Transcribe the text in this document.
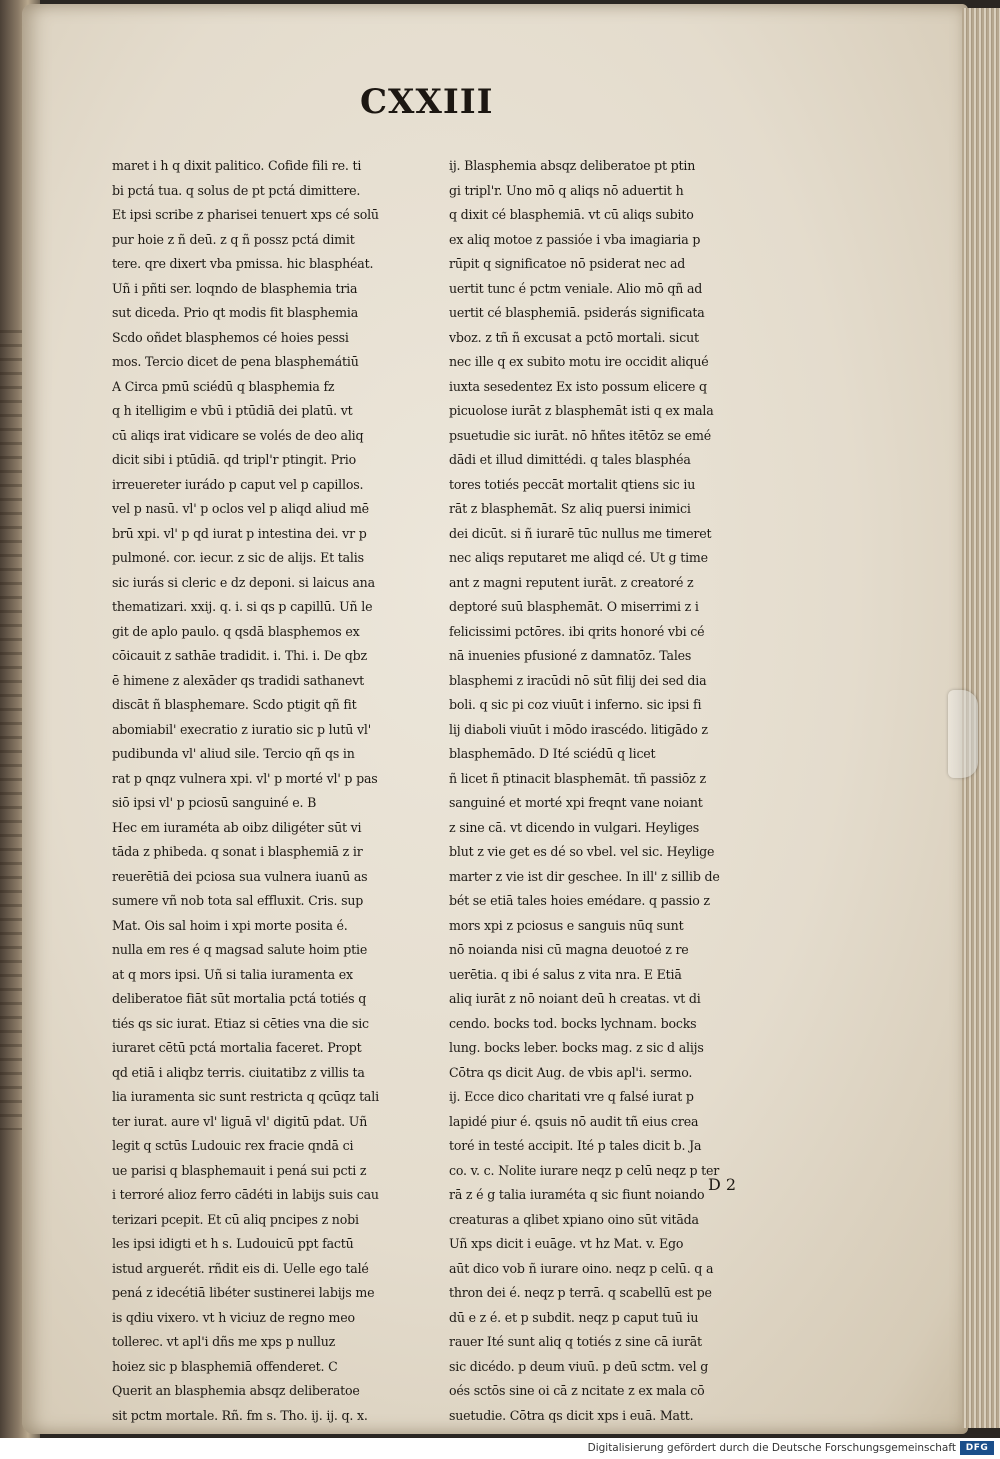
CXXIII
maret i h q dixit palitico. Cofide fili re. ti
bi pctá tua. q solus de pt pctá dimittere.
Et ipsi scribe z pharisei tenuert xps cé solū
pur hoie z ñ deū. z q ñ possz pctá dimit
tere. qre dixert vba pmissa. hic blasphéat.
Uñ i pñti ser. loqndo de blasphemia tria
sut diceda. Prio qt modis fit blasphemia
Scdo oñdet blasphemos cé hoies pessi
mos. Tercio dicet de pena blasphemátiū
A Circa pmū sciédū q blasphemia fz
q h itelligim e vbū i ptūdiā dei platū. vt
cū aliqs irat vidicare se volés de deo aliq
dicit sibi i ptūdiā. qd tripl'r ptingit. Prio
irreuereter iurádo p caput vel p capillos.
vel p nasū. vl' p oclos vel p aliqd aliud mē
brū xpi. vl' p qd iurat p intestina dei. vr p
pulmoné. cor. iecur. z sic de alijs. Et talis
sic iurás si cleric e dz deponi. si laicus ana
thematizari. xxij. q. i. si qs p capillū. Uñ le
git de aplo paulo. q qsdā blasphemos ex
cōicauit z sathāe tradidit. i. Thi. i. De qbz
ē himene z alexāder qs tradidi sathanevt
discāt ñ blasphemare. Scdo ptigit qñ fit
abomiabil' execratio z iuratio sic p lutū vl'
pudibunda vl' aliud sile. Tercio qñ qs in
rat p qnqz vulnera xpi. vl' p morté vl' p pas
siō ipsi vl' p pciosū sanguiné e. B
Hec em iuraméta ab oibz diligéter sūt vi
tāda z phibeda. q sonat i blasphemiā z ir
reuerētiā dei pciosa sua vulnera iuanū as
sumere vñ nob tota sal effluxit. Cris. sup
Mat. Ois sal hoim i xpi morte posita é.
nulla em res é q magsad salute hoim ptie
at q mors ipsi. Uñ si talia iuramenta ex
deliberatoe fiāt sūt mortalia pctá totiés q
tiés qs sic iurat. Etiaz si cēties vna die sic
iuraret cētū pctá mortalia faceret. Propt
qd etiā i aliqbz terris. ciuitatibz z villis ta
lia iuramenta sic sunt restricta q qcūqz tali
ter iurat. aure vl' liguā vl' digitū pdat. Uñ
legit q sctūs Ludouic rex fracie qndā ci
ue parisi q blasphemauit i pená sui pcti z
i terroré alioz ferro cādéti in labijs suis cau
terizari pcepit. Et cū aliq pncipes z nobi
les ipsi idigti et h s. Ludouicū ppt factū
istud arguerét. rñdit eis di. Uelle ego talé
pená z idecétiā libéter sustinerei labijs me
is qdiu vixero. vt h viciuz de regno meo
tollerec. vt apl'i dñs me xps p nulluz
hoiez sic p blasphemiā offenderet. C
Querit an blasphemia absqz deliberatoe
sit pctm mortale. Rñ. fm s. Tho. ij. ij. q. x.
ij. Blasphemia absqz deliberatoe pt ptin
gi tripl'r. Uno mō q aliqs nō aduertit h
q dixit cé blasphemiā. vt cū aliqs subito
ex aliq motoe z passióe i vba imagiaria p
rūpit q significatoe nō psiderat nec ad
uertit tunc é pctm veniale. Alio mō qñ ad
uertit cé blasphemiā. psiderás significata
vboz. z tñ ñ excusat a pctō mortali. sicut
nec ille q ex subito motu ire occidit aliqué
iuxta sesedentez Ex isto possum elicere q
picuolose iurāt z blasphemāt isti q ex mala
psuetudie sic iurāt. nō hñtes itētōz se emé
dādi et illud dimittédi. q tales blasphéa
tores totiés peccāt mortalit qtiens sic iu
rāt z blasphemāt. Sz aliq puersi inimici
dei dicūt. si ñ iurarē tūc nullus me timeret
nec aliqs reputaret me aliqd cé. Ut g time
ant z magni reputent iurāt. z creatoré z
deptoré suū blasphemāt. O miserrimi z i
felicissimi pctōres. ibi qrits honoré vbi cé
nā inuenies pfusioné z damnatōz. Tales
blasphemi z iracūdi nō sūt filij dei sed dia
boli. q sic pi coz viuūt i inferno. sic ipsi fi
lij diaboli viuūt i mōdo irascédo. litigādo z
blasphemādo. D Ité sciédū q licet
ñ licet ñ ptinacit blasphemāt. tñ passiōz z
sanguiné et morté xpi freqnt vane noiant
z sine cā. vt dicendo in vulgari. Heyliges
blut z vie get es dé so vbel. vel sic. Heylige
marter z vie ist dir geschee. In ill' z sillib de
bét se etiā tales hoies emédare. q passio z
mors xpi z pciosus e sanguis nūq sunt
nō noianda nisi cū magna deuotoé z re
uerētia. q ibi é salus z vita nra. E Etiā
aliq iurāt z nō noiant deū h creatas. vt di
cendo. bocks tod. bocks lychnam. bocks
lung. bocks leber. bocks mag. z sic d alijs
Cōtra qs dicit Aug. de vbis apl'i. sermo.
ij. Ecce dico charitati vre q falsé iurat p
lapidé piur é. qsuis nō audit tñ eius crea
toré in testé accipit. Ité p tales dicit b. Ja
co. v. c. Nolite iurare neqz p celū neqz p ter
rā z é g talia iuraméta q sic fiunt noiando
creaturas a qlibet xpiano oino sūt vitāda
Uñ xps dicit i euāge. vt hz Mat. v. Ego
aūt dico vob ñ iurare oino. neqz p celū. q a
thron dei é. neqz p terrā. q scabellū est pe
dū e z é. et p subdit. neqz p caput tuū iu
rauer Ité sunt aliq q totiés z sine cā iurāt
sic dicédo. p deum viuū. p deū sctm. vel g
oés sctōs sine oi cā z ncitate z ex mala cō
suetudie. Cōtra qs dicit xps i euā. Matt.
D 2
Digitalisierung gefördert durch die Deutsche Forschungsgemeinschaft	DFG
